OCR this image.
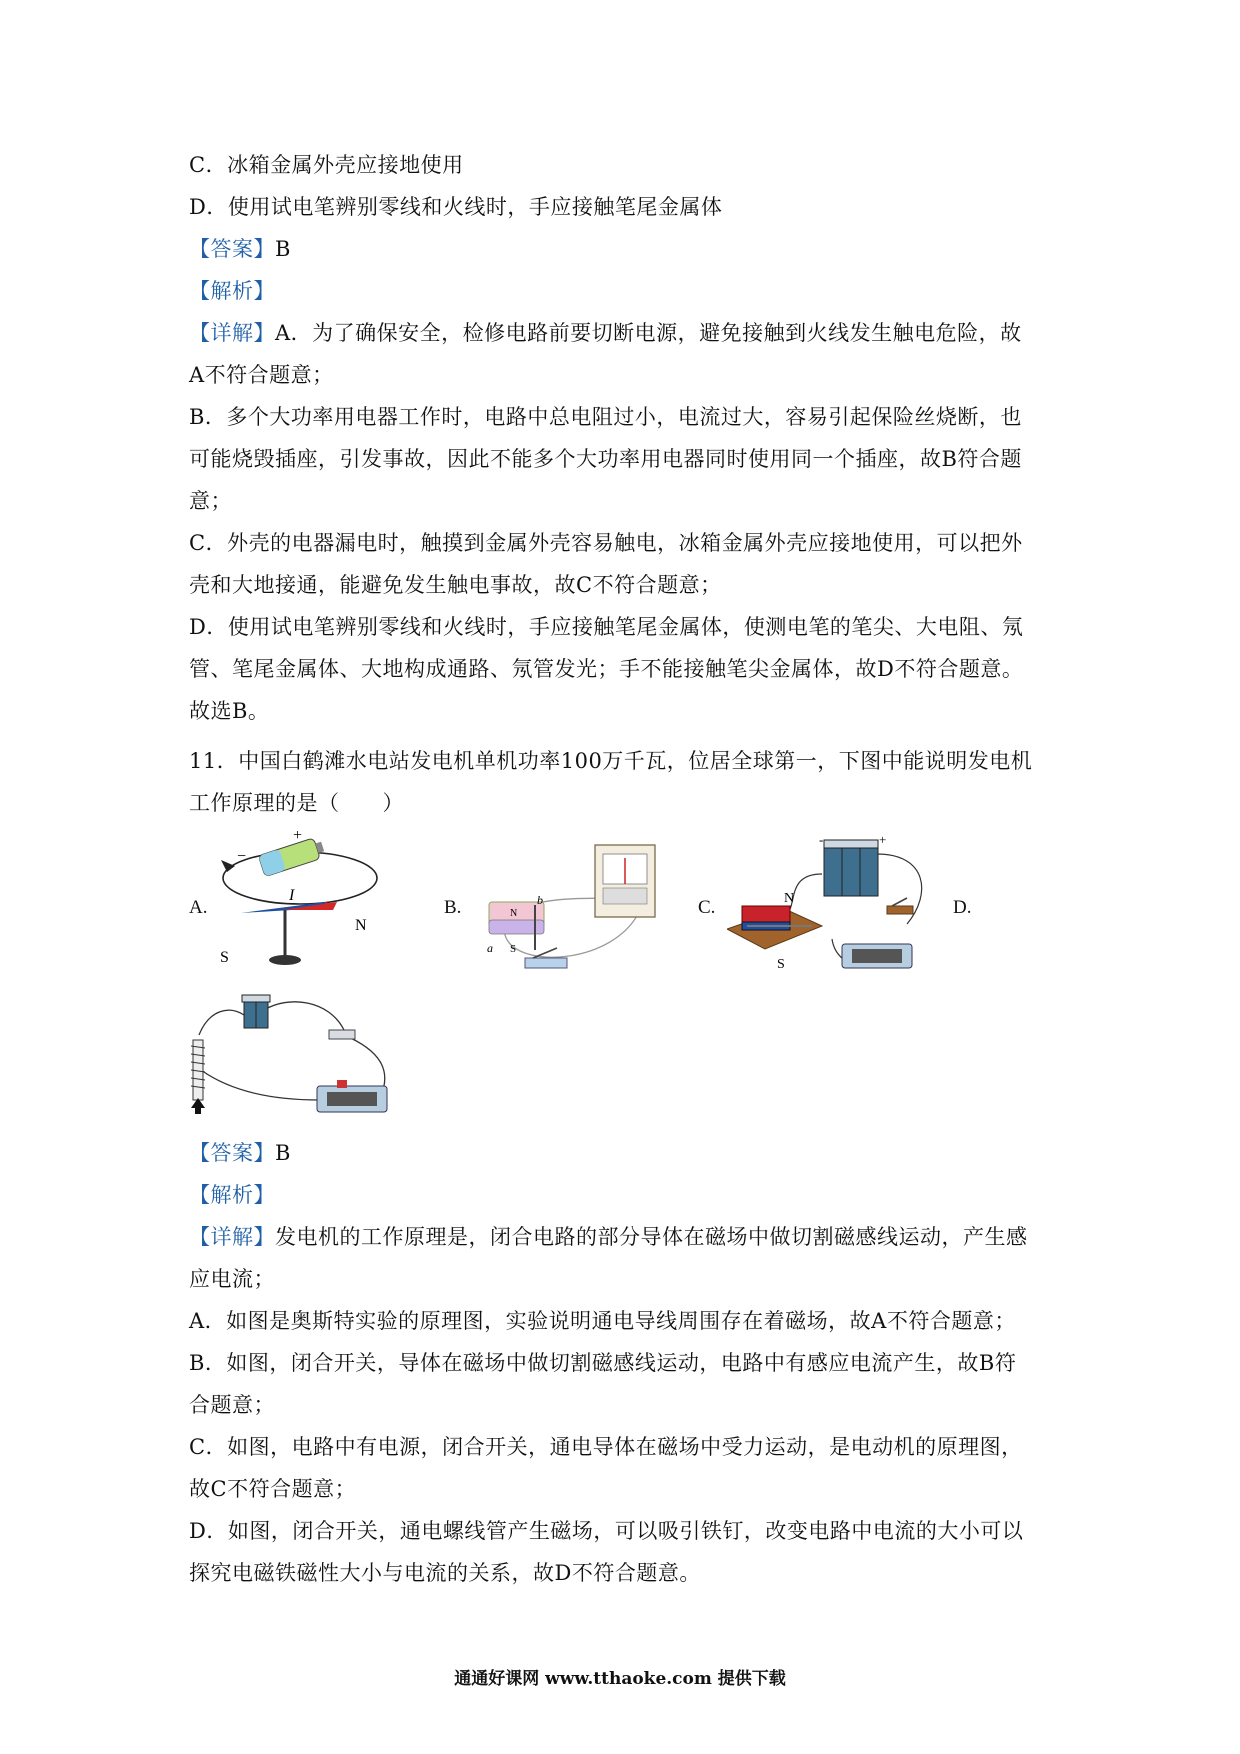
C．冰箱金属外壳应接地使用
D．使用试电笔辨别零线和火线时，手应接触笔尾金属体
【答案】B
【解析】
【详解】A．为了确保安全，检修电路前要切断电源，避免接触到火线发生触电危险，故
A不符合题意；
B．多个大功率用电器工作时，电路中总电阻过小，电流过大，容易引起保险丝烧断，也
可能烧毁插座，引发事故，因此不能多个大功率用电器同时使用同一个插座，故B符合题
意；
C．外壳的电器漏电时，触摸到金属外壳容易触电，冰箱金属外壳应接地使用，可以把外
壳和大地接通，能避免发生触电事故，故C不符合题意；
D．使用试电笔辨别零线和火线时，手应接触笔尾金属体，使测电笔的笔尖、大电阻、氖
管、笔尾金属体、大地构成通路、氖管发光；手不能接触笔尖金属体，故D不符合题意。
故选B。
11．中国白鹤滩水电站发电机单机功率100万千瓦，位居全球第一，下图中能说明发电机
工作原理的是（　　）
A.	B.	C.	D.
+
−
I
N
S
N
S
a
b
-	+
N
S
【答案】B
【解析】
【详解】发电机的工作原理是，闭合电路的部分导体在磁场中做切割磁感线运动，产生感
应电流；
A．如图是奥斯特实验的原理图，实验说明通电导线周围存在着磁场，故A不符合题意；
B．如图，闭合开关，导体在磁场中做切割磁感线运动，电路中有感应电流产生，故B符
合题意；
C．如图，电路中有电源，闭合开关，通电导体在磁场中受力运动，是电动机的原理图，
故C不符合题意；
D．如图，闭合开关，通电螺线管产生磁场，可以吸引铁钉，改变电路中电流的大小可以
探究电磁铁磁性大小与电流的关系，故D不符合题意。
通通好课网 www.tthaoke.com 提供下载
